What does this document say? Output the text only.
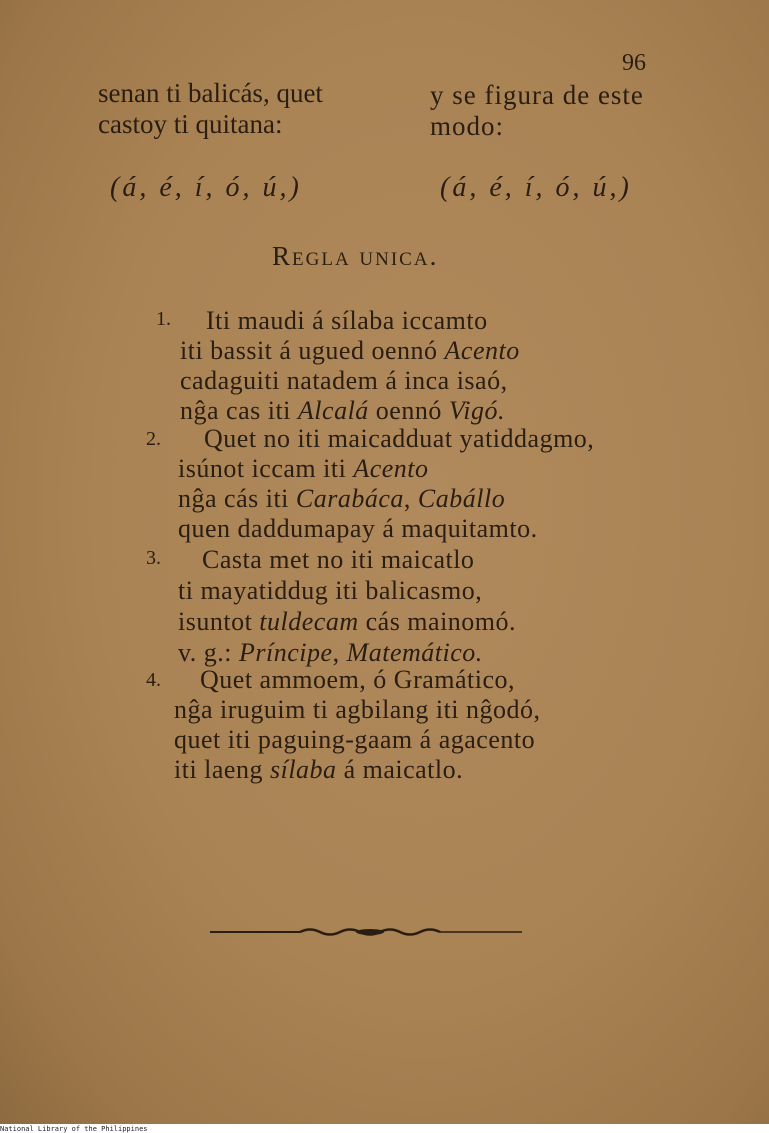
96
senan ti balicás, quet
castoy ti quitana:
y se figura de este
modo:
(á, é, í, ó, ú,)	(á, é, í, ó, ú,)
Regla unica.
1. Iti maudi á sílaba iccamto
iti bassit á ugued oennó Acento
cadaguiti natadem á inca isaó,
nĝa cas iti Alcalá oennó Vigó.
2. Quet no iti maicadduat yatiddagmo,
isúnot iccam iti Acento
nĝa cás iti Carabáca, Cabállo
quen daddumapay á maquitamto.
3. Casta met no iti maicatlo
ti mayatiddug iti balicasmo,
isuntot tuldecam cás mainomó.
v. g.: Príncipe, Matemático.
4. Quet ammoem, ó Gramático,
nĝa iruguim ti agbilang iti nĝodó,
quet iti paguing-gaam á agacento
iti laeng sílaba á maicatlo.
National Library of the Philippines
